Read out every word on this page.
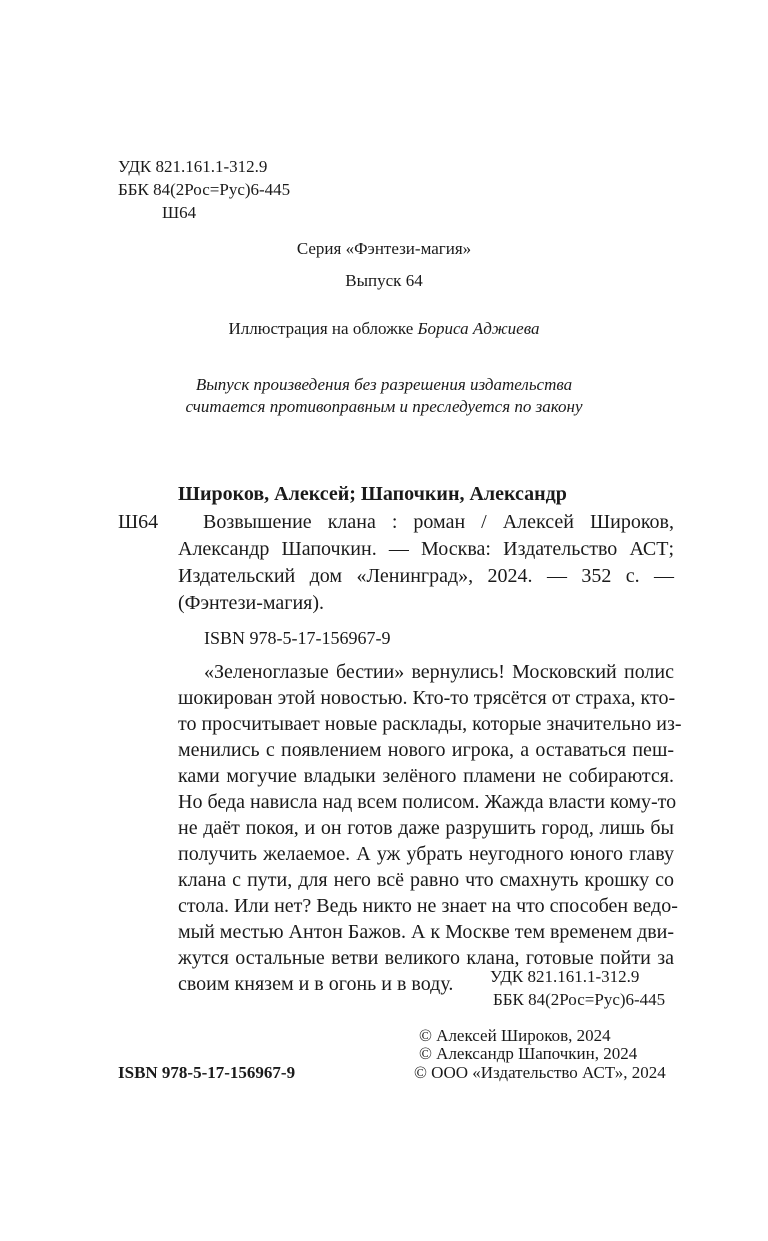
УДК 821.161.1-312.9
ББК 84(2Рос=Рус)6-445
Ш64
Серия «Фэнтези-магия»
Выпуск 64
Иллюстрация на обложке Бориса Аджиева
Выпуск произведения без разрешения издательства
считается противоправным и преследуется по закону
Широков, Алексей; Шапочкин, Александр
Ш64	Возвышение клана : роман / Алексей Широков,
Александр Шапочкин. — Москва: Издательство АСТ;
Издательский дом «Ленинград», 2024. — 352 с. —
(Фэнтези-магия).
ISBN 978-5-17-156967-9
«Зеленоглазые бестии» вернулись! Московский полис
шокирован этой новостью. Кто-то трясётся от страха, кто-
то просчитывает новые расклады, которые значительно из-
менились с появлением нового игрока, а оставаться пеш-
ками могучие владыки зелёного пламени не собираются.
Но беда нависла над всем полисом. Жажда власти кому-то
не даёт покоя, и он готов даже разрушить город, лишь бы
получить желаемое. А уж убрать неугодного юного главу
клана с пути, для него всё равно что смахнуть крошку со
стола. Или нет? Ведь никто не знает на что способен ведо-
мый местью Антон Бажов. А к Москве тем временем дви-
жутся остальные ветви великого клана, готовые пойти за
своим князем и в огонь и в воду.	УДК 821.161.1-312.9
ББК 84(2Рос=Рус)6-445
© Алексей Широков, 2024
© Александр Шапочкин, 2024
© ООО «Издательство АСТ», 2024
ISBN 978-5-17-156967-9
